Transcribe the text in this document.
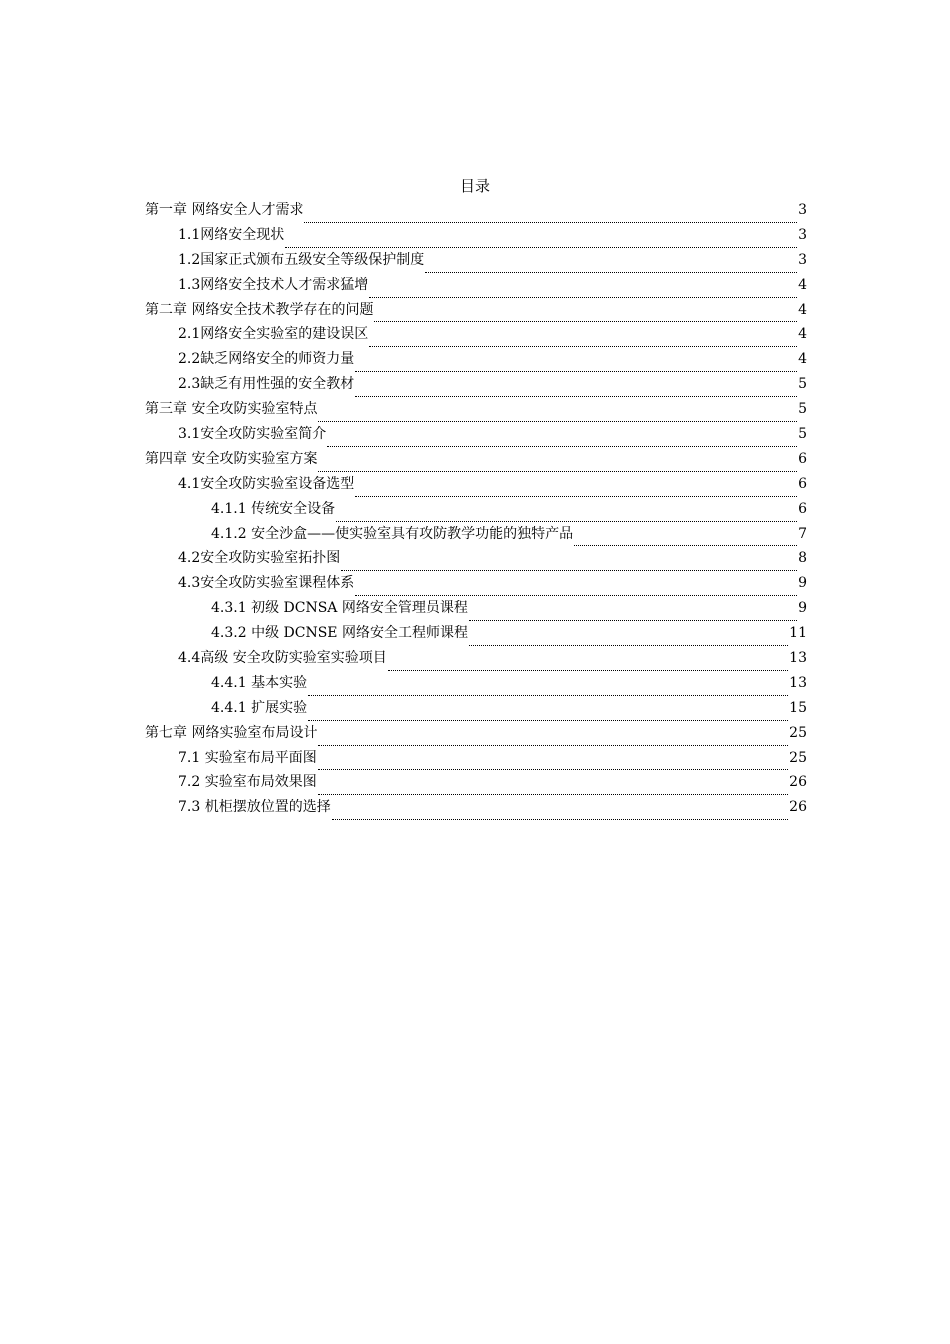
目录
第一章 网络安全人才需求	3
1.1网络安全现状	3
1.2国家正式颁布五级安全等级保护制度	3
1.3网络安全技术人才需求猛增	4
第二章 网络安全技术教学存在的问题	4
2.1网络安全实验室的建设误区	4
2.2缺乏网络安全的师资力量	4
2.3缺乏有用性强的安全教材	5
第三章 安全攻防实验室特点	5
3.1安全攻防实验室简介	5
第四章 安全攻防实验室方案	6
4.1安全攻防实验室设备选型	6
4.1.1 传统安全设备	6
4.1.2 安全沙盒——使实验室具有攻防教学功能的独特产品	7
4.2安全攻防实验室拓扑图	8
4.3安全攻防实验室课程体系	9
4.3.1 初级 DCNSA 网络安全管理员课程	9
4.3.2 中级 DCNSE 网络安全工程师课程	11
4.4高级 安全攻防实验室实验项目	13
4.4.1 基本实验	13
4.4.1 扩展实验	15
第七章 网络实验室布局设计	25
7.1 实验室布局平面图	25
7.2 实验室布局效果图	26
7.3 机柜摆放位置的选择	26
